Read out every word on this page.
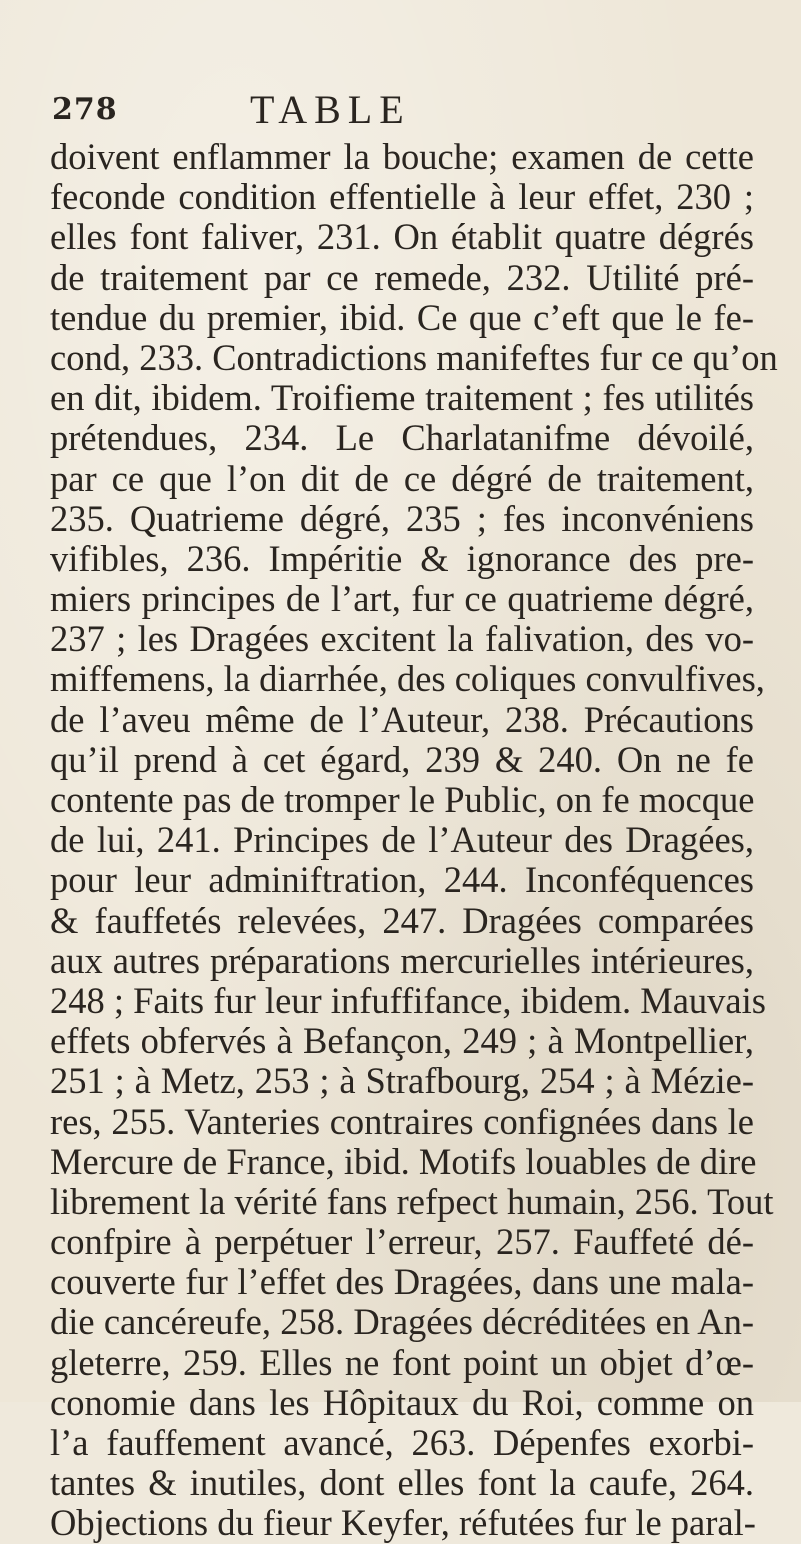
278	TABLE
doivent enflammer la bouche; examen de cette
feconde condition effentielle à leur effet, 230 ;
elles font faliver, 231. On établit quatre dégrés
de traitement par ce remede, 232. Utilité pré-
tendue du premier, ibid. Ce que c’eft que le fe-
cond, 233. Contradictions manifeftes fur ce qu’on
en dit, ibidem. Troifieme traitement ; fes utilités
prétendues, 234. Le Charlatanifme dévoilé,
par ce que l’on dit de ce dégré de traitement,
235. Quatrieme dégré, 235 ; fes inconvéniens
vifibles, 236. Impéritie & ignorance des pre-
miers principes de l’art, fur ce quatrieme dégré,
237 ; les Dragées excitent la falivation, des vo-
miffemens, la diarrhée, des coliques convulfives,
de l’aveu même de l’Auteur, 238. Précautions
qu’il prend à cet égard, 239 & 240. On ne fe
contente pas de tromper le Public, on fe mocque
de lui, 241. Principes de l’Auteur des Dragées,
pour leur adminiftration, 244. Inconféquences
& fauffetés relevées, 247. Dragées comparées
aux autres préparations mercurielles intérieures,
248 ; Faits fur leur infuffifance, ibidem. Mauvais
effets obfervés à Befançon, 249 ; à Montpellier,
251 ; à Metz, 253 ; à Strafbourg, 254 ; à Mézie-
res, 255. Vanteries contraires confignées dans le
Mercure de France, ibid. Motifs louables de dire
librement la vérité fans refpect humain, 256. Tout
confpire à perpétuer l’erreur, 257. Fauffeté dé-
couverte fur l’effet des Dragées, dans une mala-
die cancéreufe, 258. Dragées décréditées en An-
gleterre, 259. Elles ne font point un objet d’œ-
conomie dans les Hôpitaux du Roi, comme on
l’a fauffement avancé, 263. Dépenfes exorbi-
tantes & inutiles, dont elles font la caufe, 264.
Objections du fieur Keyfer, réfutées fur le paral-
